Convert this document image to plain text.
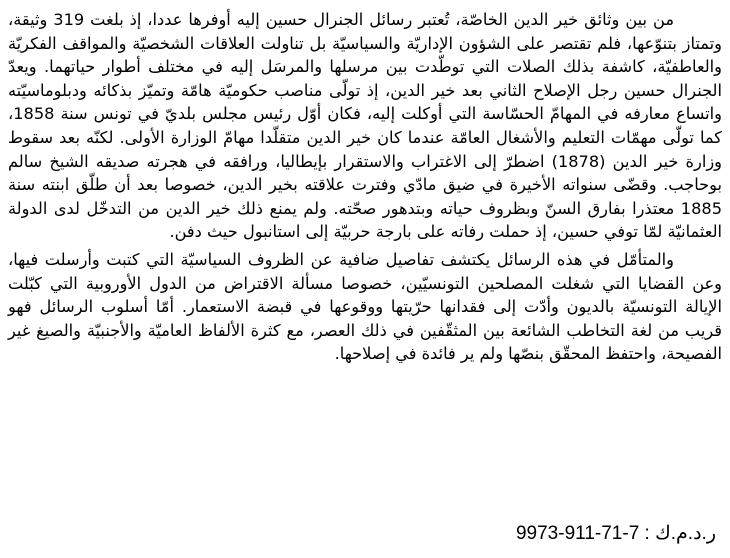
من بين وثائق خير الدين الخاصّة، تُعتبر رسائل الجنرال حسين إليه أوفرها عددا، إذ بلغت 319 وثيقة، وتمتاز بتنوّعها، فلم تقتصر على الشؤون الإداريّة والسياسيّة بل تناولت العلاقات الشخصيّة والمواقف الفكريّة والعاطفيّة، كاشفة بذلك الصلات التي توطّدت بين مرسلها والمرسَل إليه في مختلف أطوار حياتهما. ويعدّ الجنرال حسين رجل الإصلاح الثاني بعد خير الدين، إذ تولّى مناصب حكوميّة هامّة وتميّز بذكائه ودبلوماسيّته واتساع معارفه في المهامّ الحسّاسة التي أوكلت إليه، فكان أوّل رئيس مجلس بلديّ في تونس سنة 1858، كما تولّى مهمّات التعليم والأشغال العامّة عندما كان خير الدين متقلّدا مهامّ الوزارة الأولى. لكنّه بعد سقوط وزارة خير الدين (1878) اضطرّ إلى الاغتراب والاستقرار بإيطاليا، ورافقه في هجرته صديقه الشيخ سالم بوحاجب. وقضّى سنواته الأخيرة في ضيق مادّي وفترت علاقته بخير الدين، خصوصا بعد أن طلّق ابنته سنة 1885 معتذرا بفارق السنّ وبظروف حياته وبتدهور صحّته. ولم يمنع ذلك خير الدين من التدخّل لدى الدولة العثمانيّة لمّا توفي حسين، إذ حملت رفاته على بارجة حربيّة إلى استانبول حيث دفن.

والمتأمّل في هذه الرسائل يكتشف تفاصيل ضافية عن الظروف السياسيّة التي كتبت وأرسلت فيها، وعن القضايا التي شغلت المصلحين التونسيّين، خصوصا مسألة الاقتراض من الدول الأوروبية التي كبّلت الإيالة التونسيّة بالديون وأدّت إلى فقدانها حرّيتها ووقوعها في قبضة الاستعمار. أمّا أسلوب الرسائل فهو قريب من لغة التخاطب الشائعة بين المثقّفين في ذلك العصر، مع كثرة الألفاظ العاميّة والأجنبيّة والصيغ غير الفصيحة، واحتفظ المحقّق بنصّها ولم ير فائدة في إصلاحها.

ر.د.م.ك : 7-71-911-9973
